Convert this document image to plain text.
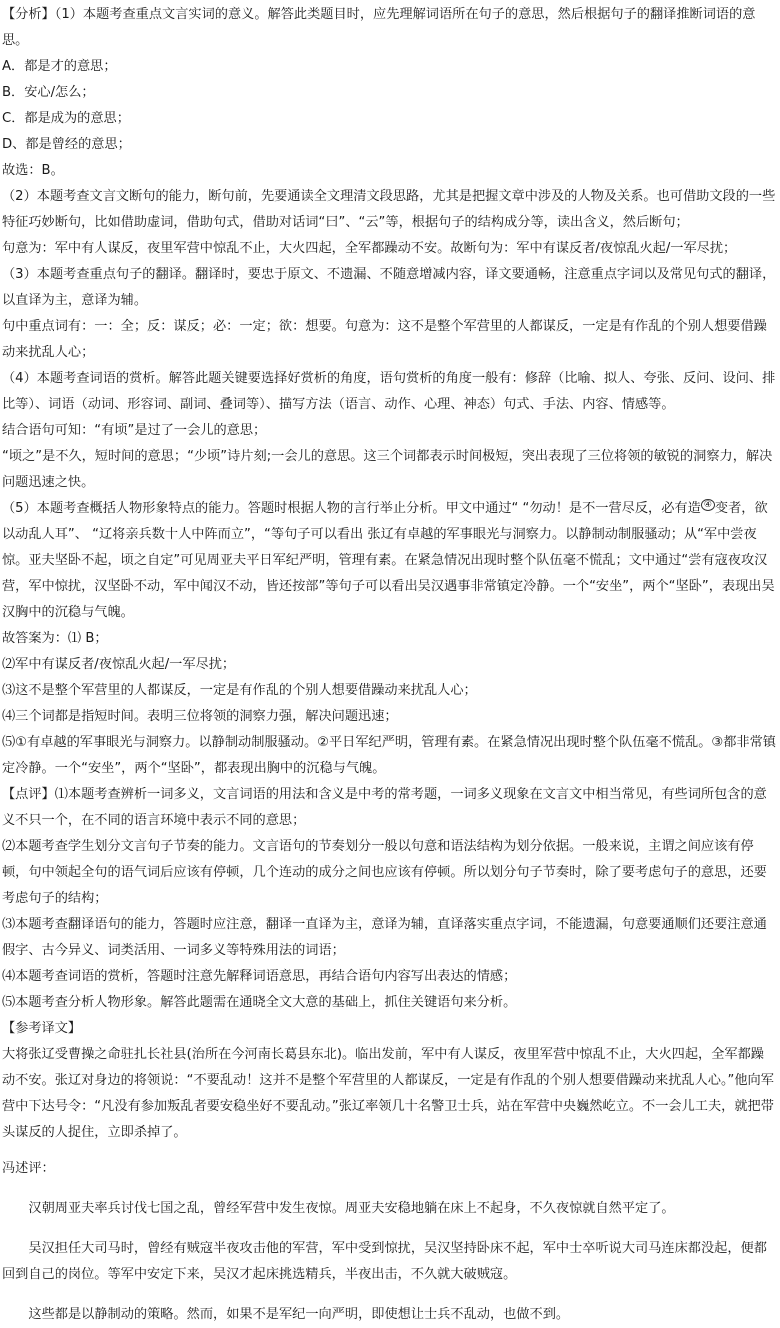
【分析】（1）本题考查重点文言实词的意义。解答此类题目时，应先理解词语所在句子的意思，然后根据句子的翻译推断词语的意思。

A．都是才的意思；

B．安心/怎么；

C．都是成为的意思；

D、都是曾经的意思；

故选：B。

（2）本题考查文言文断句的能力，断句前，先要通读全文理清文段思路，尤其是把握文章中涉及的人物及关系。也可借助文段的一些特征巧妙断句，比如借助虚词，借助句式，借助对话词“曰”、“云”等，根据句子的结构成分等，读出含义，然后断句；

句意为：军中有人谋反，夜里军营中惊乱不止，大火四起，全军都躁动不安。故断句为：军中有谋反者/夜惊乱火起/一军尽扰；

（3）本题考查重点句子的翻译。翻译时，要忠于原文、不遗漏、不随意增减内容，译文要通畅，注意重点字词以及常见句式的翻译，以直译为主，意译为辅。

句中重点词有：一：全；反：谋反；必：一定；欲：想要。句意为：这不是整个军营里的人都谋反，一定是有作乱的个别人想要借躁动来扰乱人心；

（4）本题考查词语的赏析。解答此题关键要选择好赏析的角度，语句赏析的角度一般有：修辞（比喻、拟人、夸张、反问、设问、排比等）、词语（动词、形容词、副词、叠词等）、描写方法（语言、动作、心理、神态）句式、手法、内容、情感等。

结合语句可知：“有顷”是过了一会儿的意思；

“顷之”是不久，短时间的意思；“少顷”诗片刻;一会儿的意思。这三个词都表示时间极短，突出表现了三位将领的敏锐的洞察力，解决问题迅速之快。

（5）本题考查概括人物形象特点的能力。答题时根据人物的言行举止分析。甲文中通过“ “勿动！是不一营尽反，必有造 ④ 变者，欲以动乱人耳”、 “辽将亲兵数十人中阵而立”，“等句子可以看出 张辽有卓越的军事眼光与洞察力。以静制动制服骚动；从“军中尝夜惊。亚夫坚卧不起，顷之自定”可见周亚夫平日军纪严明，管理有素。在紧急情况出现时整个队伍毫不慌乱；文中通过“尝有寇夜攻汉营，军中惊扰，汉坚卧不动，军中闻汉不动，皆还按部”等句子可以看出吴汉遇事非常镇定冷静。一个“安坐”，两个“坚卧”，表现出吴汉胸中的沉稳与气魄。

故答案为：⑴ B；

⑵军中有谋反者/夜惊乱火起/一军尽扰；

⑶这不是整个军营里的人都谋反，一定是有作乱的个别人想要借躁动来扰乱人心；

⑷三个词都是指短时间。表明三位将领的洞察力强，解决问题迅速；

⑸①有卓越的军事眼光与洞察力。以静制动制服骚动。②平日军纪严明，管理有素。在紧急情况出现时整个队伍毫不慌乱。③都非常镇定冷静。一个“安坐”，两个“坚卧”，都表现出胸中的沉稳与气魄。

【点评】⑴本题考查辨析一词多义，文言词语的用法和含义是中考的常考题，一词多义现象在文言文中相当常见，有些词所包含的意义不只一个，在不同的语言环境中表示不同的意思；

⑵本题考查学生划分文言句子节奏的能力。文言语句的节奏划分一般以句意和语法结构为划分依据。一般来说，主谓之间应该有停顿，句中领起全句的语气词后应该有停顿，几个连动的成分之间也应该有停顿。所以划分句子节奏时，除了要考虑句子的意思，还要考虑句子的结构；

⑶本题考查翻译语句的能力，答题时应注意，翻译一直译为主，意译为辅，直译落实重点字词，不能遗漏，句意要通顺们还要注意通假字、古今异义、词类活用、一词多义等特殊用法的词语；

⑷本题考查词语的赏析，答题时注意先解释词语意思，再结合语句内容写出表达的情感；

⑸本题考查分析人物形象。解答此题需在通晓全文大意的基础上，抓住关键语句来分析。

【参考译文】

大将张辽受曹操之命驻扎长社县(治所在今河南长葛县东北)。临出发前，军中有人谋反，夜里军营中惊乱不止，大火四起，全军都躁动不安。张辽对身边的将领说：“不要乱动！这并不是整个军营里的人都谋反，一定是有作乱的个别人想要借躁动来扰乱人心。”他向军营中下达号令：“凡没有参加叛乱者要安稳坐好不要乱动。”张辽率领几十名警卫士兵，站在军营中央巍然屹立。不一会儿工夫，就把带头谋反的人捉住，立即杀掉了。

冯述评：

汉朝周亚夫率兵讨伐七国之乱，曾经军营中发生夜惊。周亚夫安稳地躺在床上不起身，不久夜惊就自然平定了。

吴汉担任大司马时，曾经有贼寇半夜攻击他的军营，军中受到惊扰，吴汉坚持卧床不起，军中士卒听说大司马连床都没起，便都回到自己的岗位。等军中安定下来，吴汉才起床挑选精兵，半夜出击，不久就大破贼寇。

这些都是以静制动的策略。然而，如果不是军纪一向严明，即使想让士兵不乱动，也做不到。
